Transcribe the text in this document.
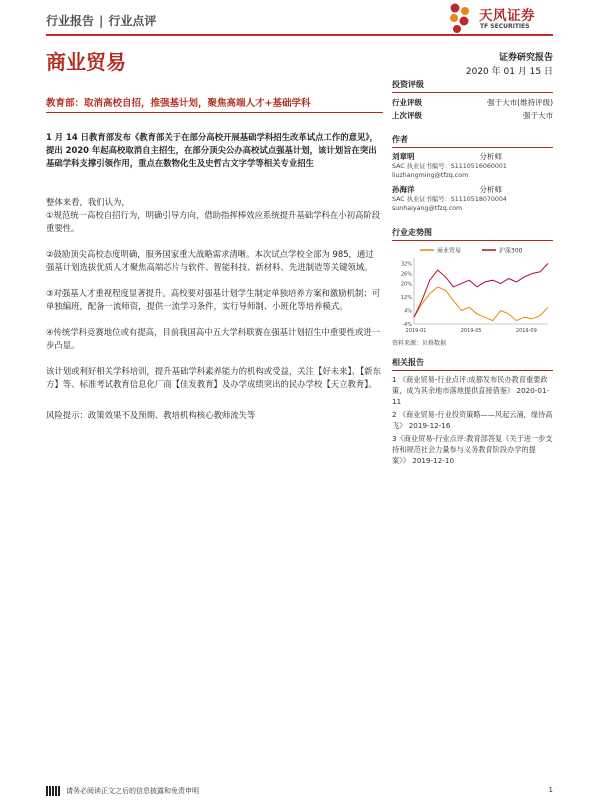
行业报告 | 行业点评	天风证券
TF SECURITIES
商业贸易	证券研究报告
2020 年 01 月 15 日
教育部：取消高校自招，推强基计划，聚焦高端人才+基础学科

1 月 14 日教育部发布《教育部关于在部分高校开展基础学科招生改革试点工作的意见》，提出 2020 年起高校取消自主招生，在部分顶尖公办高校试点强基计划，该计划旨在突出基础学科支撑引领作用，重点在数物化生及史哲古文字学等相关专业招生

整体来看，我们认为，

①规范统一高校自招行为，明确引导方向，借助指挥棒效应系统提升基础学科在小初高阶段重要性。

②鼓励顶尖高校态度明确，服务国家重大战略需求清晰。本次试点学校全部为 985，通过强基计划选拔优质人才聚焦高端芯片与软件、智能科技、新材料、先进制造等关键领域。

③对强基人才重视程度显著提升。高校要对强基计划学生制定单独培养方案和激励机制；可单独编班，配备一流师资，提供一流学习条件，实行导师制、小班化等培养模式。

④传统学科竞赛地位或有提高，目前我国高中五大学科联赛在强基计划招生中重要性或进一步凸显。

该计划或利好相关学科培训，提升基础学科素养能力的机构或受益，关注【好未来】、【新东方】等、标准考试教育信息化厂商【佳发教育】及办学成绩突出的民办学校【天立教育】。

风险提示：政策效果不及预期、教培机构核心教师流失等

投资评级
行业评级	强于大市(维持评级)
上次评级	强于大市
作者
刘章明	分析师
SAC 执业证书编号：S1110516060001
liuzhangming@tfzq.com
孙海洋	分析师
SAC 执业证书编号：S1110518070004
sunhaiyang@tfzq.com
行业走势图
商业贸易	沪深300
-4%
4%
12%
20%
26%
32%
2019-01	2019-05	2019-09
资料来源：贝格数据
相关报告
1 《商业贸易-行业点评:成都发布民办教育重要政策，成为其余地市落地提供直接借鉴》 2020-01-11
2 《商业贸易-行业投资策略——风起云涌，缘待高飞》 2019-12-16
3《商业贸易-行业点评:教育部答复《关于进一步支持和规范社会力量参与义务教育阶段办学的提案》》 2019-12-10
请务必阅读正文之后的信息披露和免责申明	1
